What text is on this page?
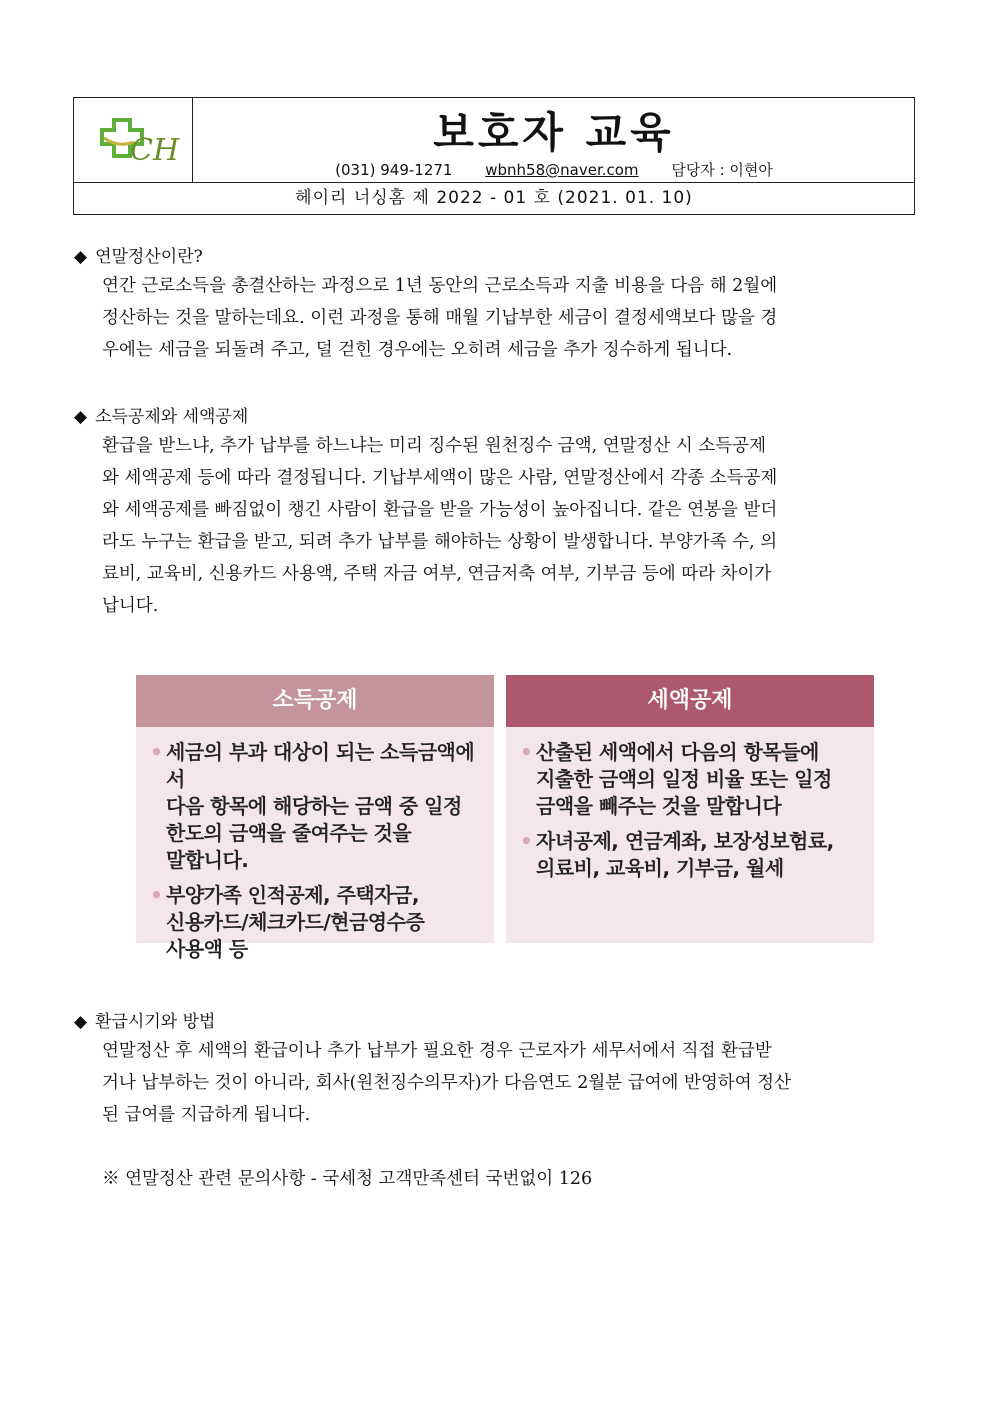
CH	보호자 교육
(031) 949-1271 wbnh58@naver.com 담당자 : 이현아
헤이리 너싱홈 제 2022 - 01 호 (2021. 01. 10)
◆ 연말정산이란?
연간 근로소득을 총결산하는 과정으로 1년 동안의 근로소득과 지출 비용을 다음 해 2월에
정산하는 것을 말하는데요. 이런 과정을 통해 매월 기납부한 세금이 결정세액보다 많을 경
우에는 세금을 되돌려 주고, 덜 걷힌 경우에는 오히려 세금을 추가 징수하게 됩니다.
◆ 소득공제와 세액공제
환급을 받느냐, 추가 납부를 하느냐는 미리 징수된 원천징수 금액, 연말정산 시 소득공제
와 세액공제 등에 따라 결정됩니다. 기납부세액이 많은 사람, 연말정산에서 각종 소득공제
와 세액공제를 빠짐없이 챙긴 사람이 환급을 받을 가능성이 높아집니다. 같은 연봉을 받더
라도 누구는 환급을 받고, 되려 추가 납부를 해야하는 상황이 발생합니다. 부양가족 수, 의
료비, 교육비, 신용카드 사용액, 주택 자금 여부, 연금저축 여부, 기부금 등에 따라 차이가
납니다.
소득공제
• 세금의 부과 대상이 되는 소득금액에서
다음 항목에 해당하는 금액 중 일정
한도의 금액을 줄여주는 것을
말합니다.
• 부양가족 인적공제, 주택자금,
신용카드/체크카드/현금영수증
사용액 등
세액공제
• 산출된 세액에서 다음의 항목들에
지출한 금액의 일정 비율 또는 일정
금액을 빼주는 것을 말합니다
• 자녀공제, 연금계좌, 보장성보험료,
의료비, 교육비, 기부금, 월세
◆ 환급시기와 방법
연말정산 후 세액의 환급이나 추가 납부가 필요한 경우 근로자가 세무서에서 직접 환급받
거나 납부하는 것이 아니라, 회사(원천징수의무자)가 다음연도 2월분 급여에 반영하여 정산
된 급여를 지급하게 됩니다.
※ 연말정산 관련 문의사항 - 국세청 고객만족센터 국번없이 126
